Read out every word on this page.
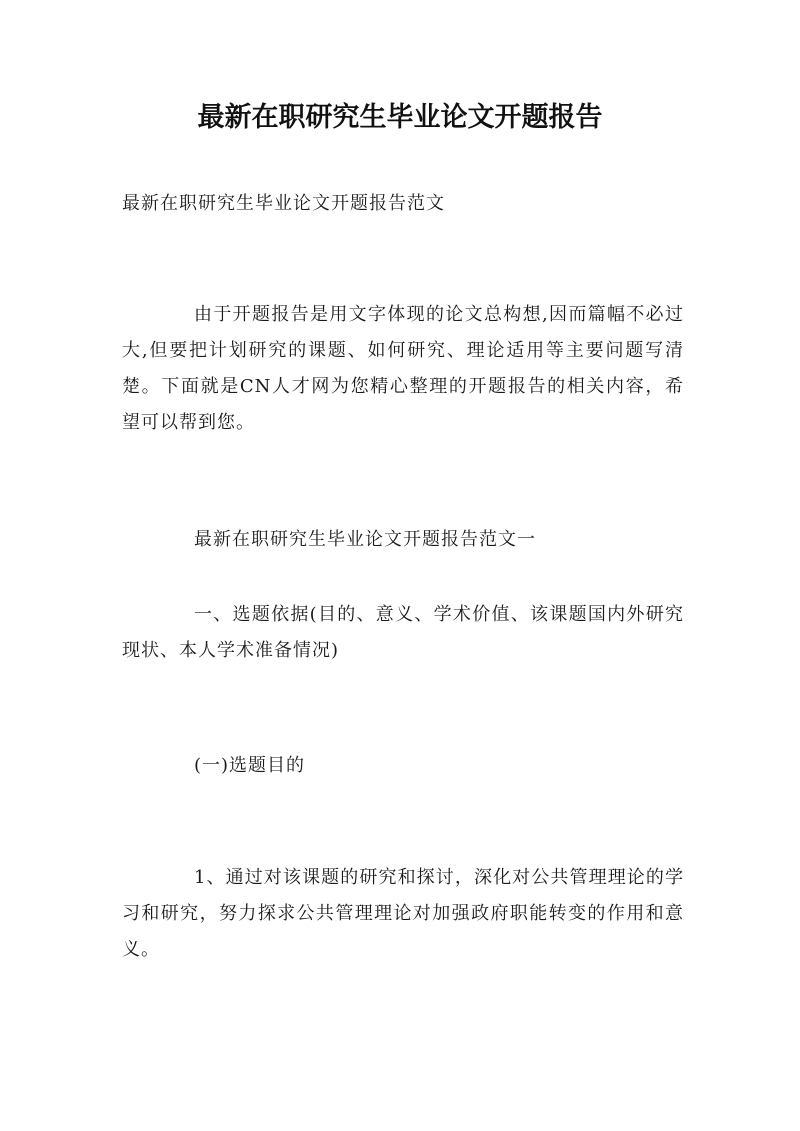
最新在职研究生毕业论文开题报告
最新在职研究生毕业论文开题报告范文
由于开题报告是用文字体现的论文总构想,因而篇幅不必过大,但要把计划研究的课题、如何研究、理论适用等主要问题写清楚。下面就是CN人才网为您精心整理的开题报告的相关内容，希望可以帮到您。
最新在职研究生毕业论文开题报告范文一
一、选题依据(目的、意义、学术价值、该课题国内外研究现状、本人学术准备情况)
(一)选题目的
1、通过对该课题的研究和探讨，深化对公共管理理论的学习和研究，努力探求公共管理理论对加强政府职能转变的作用和意义。
